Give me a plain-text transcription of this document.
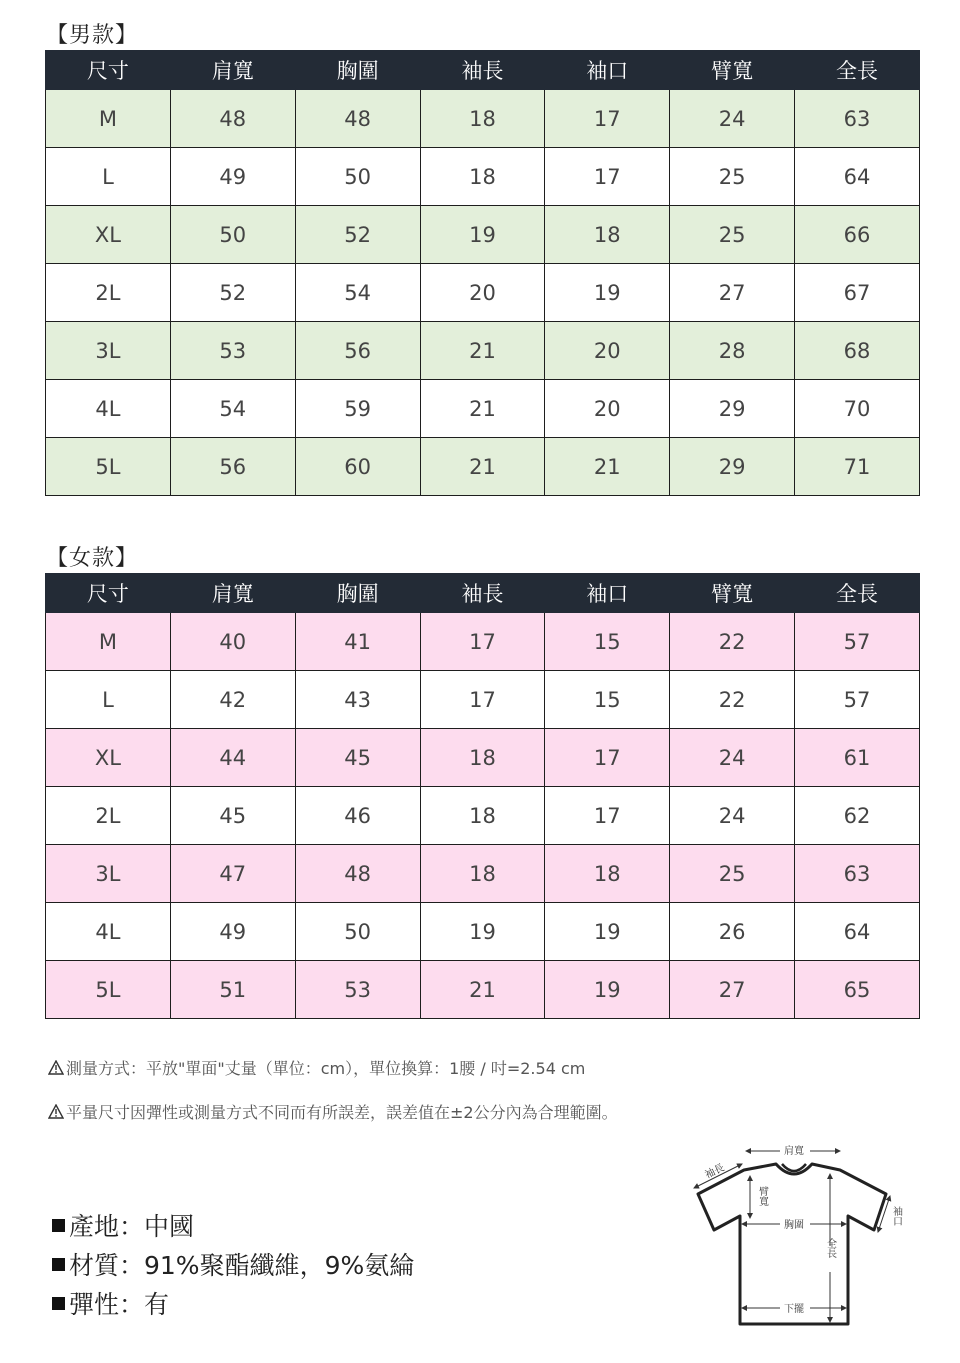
【男款】
尺寸	肩寬	胸圍	袖長	袖口	臂寬	全長
M	48	48	18	17	24	63
L	49	50	18	17	25	64
XL	50	52	19	18	25	66
2L	52	54	20	19	27	67
3L	53	56	21	20	28	68
4L	54	59	21	20	29	70
5L	56	60	21	21	29	71
【女款】
尺寸	肩寬	胸圍	袖長	袖口	臂寬	全長
M	40	41	17	15	22	57
L	42	43	17	15	22	57
XL	44	45	18	17	24	61
2L	45	46	18	17	24	62
3L	47	48	18	18	25	63
4L	49	50	19	19	26	64
5L	51	53	21	19	27	65
測量方式：平放"單面"丈量（單位：cm），單位換算：1腰 / 吋=2.54 cm
平量尺寸因彈性或測量方式不同而有所誤差，誤差值在±2公分內為合理範圍。
產地：中國
材質：91%聚酯纖維，9%氨綸
彈性：有
肩寬
袖長
臂寬
胸圍	袖口
全長
下擺
